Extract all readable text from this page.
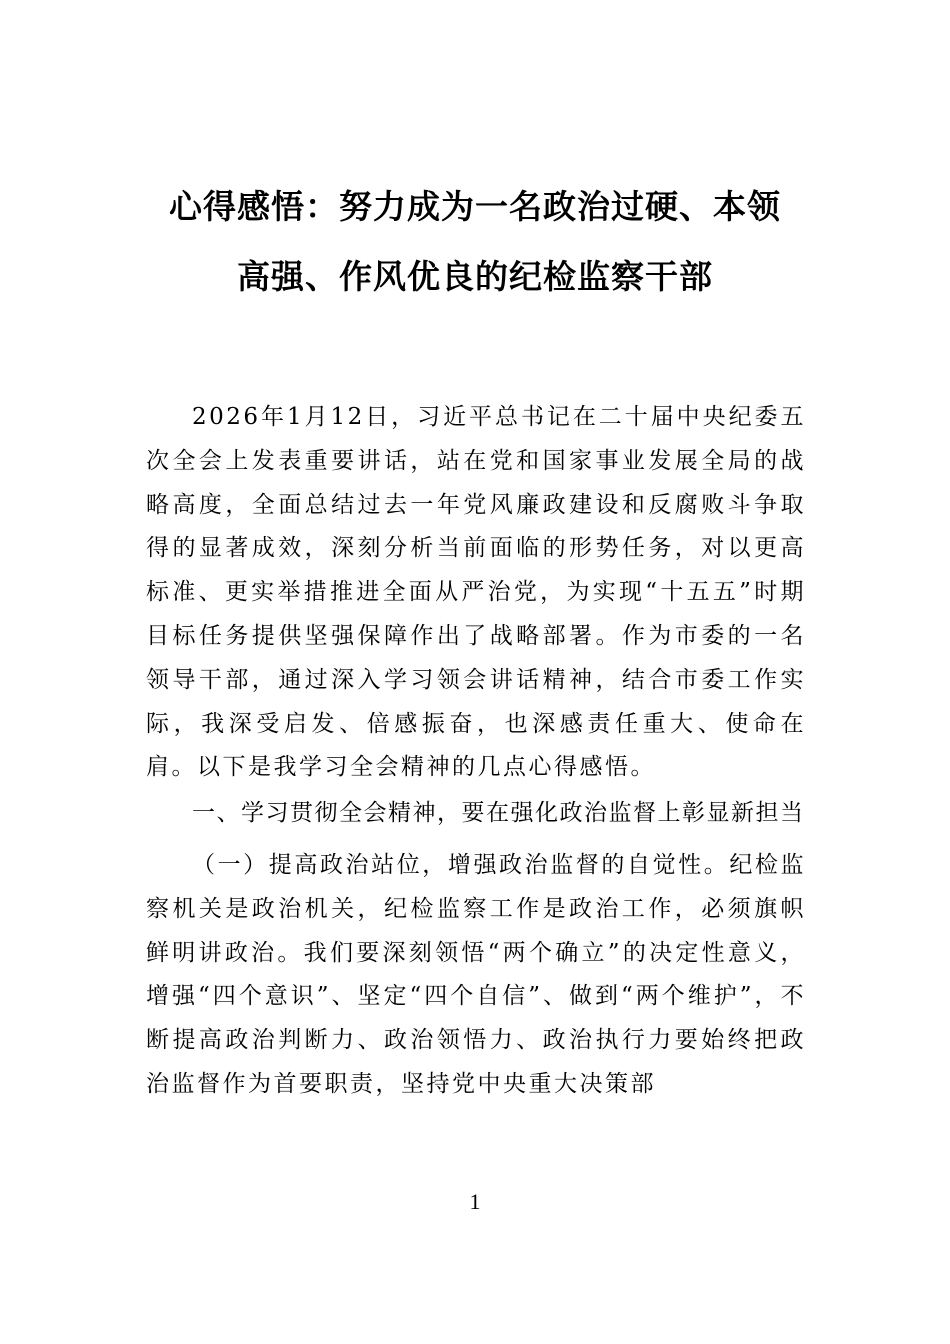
心得感悟：努力成为一名政治过硬、本领
高强、作风优良的纪检监察干部

2026年1月12日，习近平总书记在二十届中央纪委五次全会上发表重要讲话，站在党和国家事业发展全局的战略高度，全面总结过去一年党风廉政建设和反腐败斗争取得的显著成效，深刻分析当前面临的形势任务，对以更高标准、更实举措推进全面从严治党，为实现“十五五”时期目标任务提供坚强保障作出了战略部署。作为市委的一名领导干部，通过深入学习领会讲话精神，结合市委工作实际，我深受启发、倍感振奋，也深感责任重大、使命在肩。以下是我学习全会精神的几点心得感悟。

一、学习贯彻全会精神，要在强化政治监督上彰显新担当

（一）提高政治站位，增强政治监督的自觉性。纪检监察机关是政治机关，纪检监察工作是政治工作，必须旗帜鲜明讲政治。我们要深刻领悟“两个确立”的决定性意义，增强“四个意识”、坚定“四个自信”、做到“两个维护”，不断提高政治判断力、政治领悟力、政治执行力要始终把政治监督作为首要职责，坚持党中央重大决策部

1
